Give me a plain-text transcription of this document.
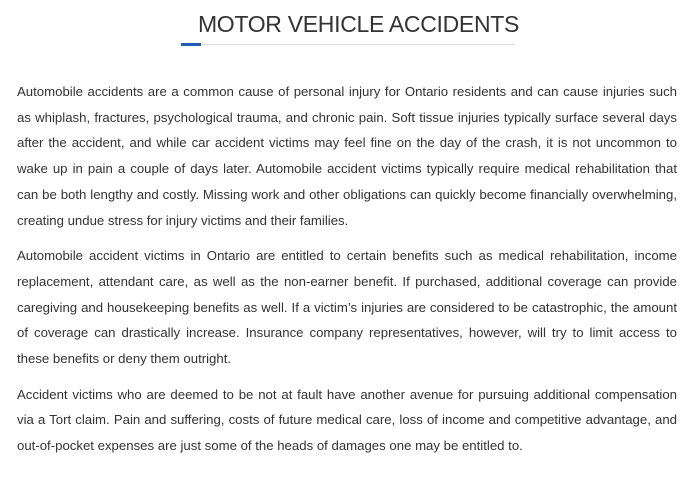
MOTOR VEHICLE ACCIDENTS

Automobile accidents are a common cause of personal injury for Ontario residents and can cause injuries such as whiplash, fractures, psychological trauma, and chronic pain. Soft tissue injuries typically surface several days after the accident, and while car accident victims may feel fine on the day of the crash, it is not uncommon to wake up in pain a couple of days later. Automobile accident victims typically require medical rehabilitation that can be both lengthy and costly. Missing work and other obligations can quickly become financially overwhelming, creating undue stress for injury victims and their families.

Automobile accident victims in Ontario are entitled to certain benefits such as medical rehabilitation, income replacement, attendant care, as well as the non-earner benefit. If purchased, additional coverage can provide caregiving and housekeeping benefits as well. If a victim’s injuries are considered to be catastrophic, the amount of coverage can drastically increase. Insurance company representatives, however, will try to limit access to these benefits or deny them outright.

Accident victims who are deemed to be not at fault have another avenue for pursuing additional compensation via a Tort claim. Pain and suffering, costs of future medical care, loss of income and competitive advantage, and out-of-pocket expenses are just some of the heads of damages one may be entitled to.
